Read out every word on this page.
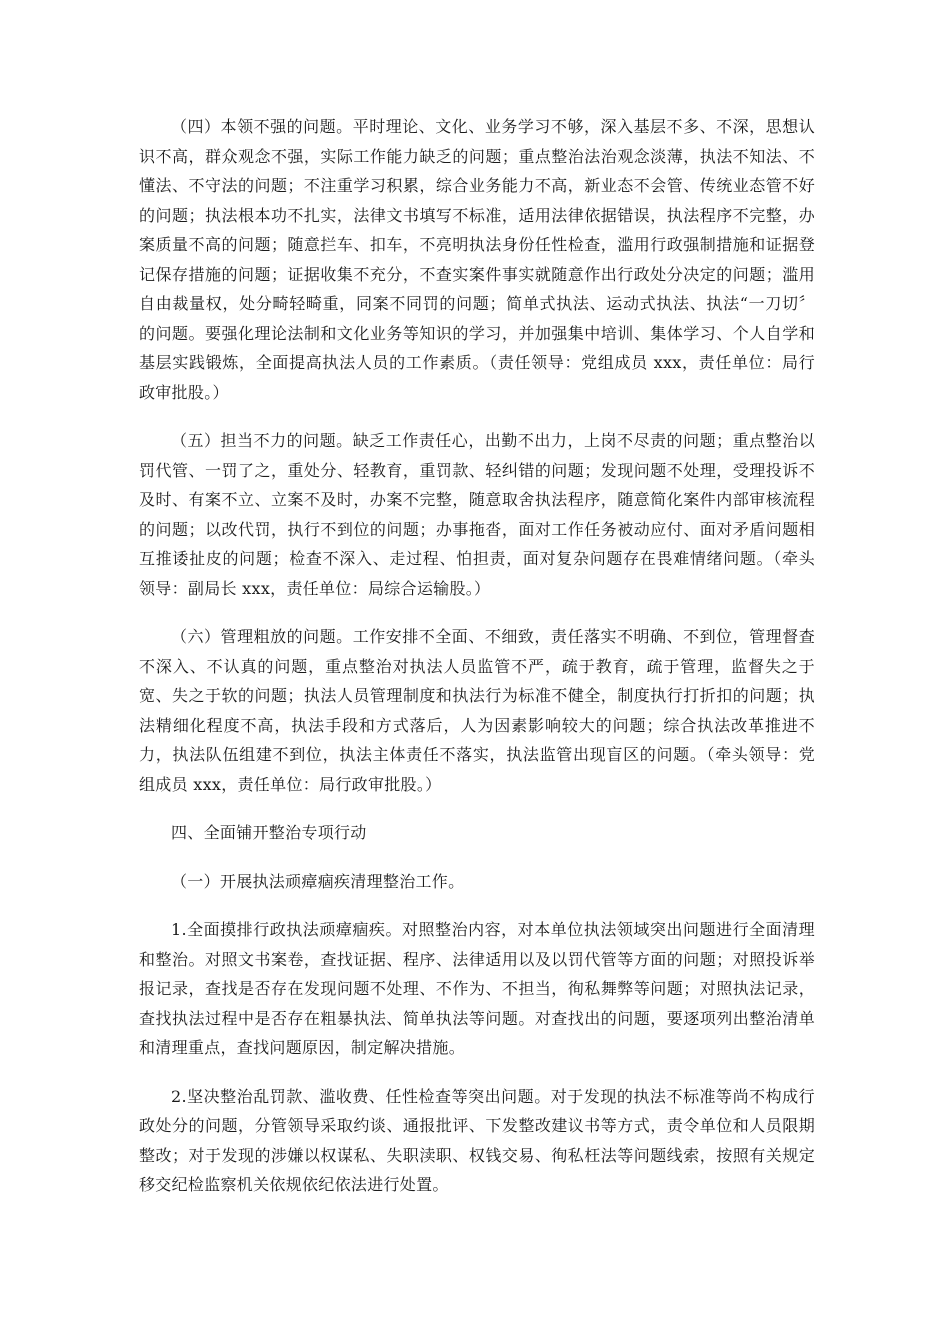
（四）本领不强的问题。平时理论、文化、业务学习不够，深入基层不多、不深，思想认识不高，群众观念不强，实际工作能力缺乏的问题；重点整治法治观念淡薄，执法不知法、不懂法、不守法的问题；不注重学习积累，综合业务能力不高，新业态不会管、传统业态管不好的问题；执法根本功不扎实，法律文书填写不标准，适用法律依据错误，执法程序不完整，办案质量不高的问题；随意拦车、扣车，不亮明执法身份任性检查，滥用行政强制措施和证据登记保存措施的问题；证据收集不充分，不查实案件事实就随意作出行政处分决定的问题；滥用自由裁量权，处分畸轻畸重，同案不同罚的问题；简单式执法、运动式执法、执法“一刀切〞的问题。要强化理论法制和文化业务等知识的学习，并加强集中培训、集体学习、个人自学和基层实践锻炼，全面提高执法人员的工作素质。（责任领导：党组成员 xxx，责任单位：局行政审批股。）

（五）担当不力的问题。缺乏工作责任心，出勤不出力，上岗不尽责的问题；重点整治以罚代管、一罚了之，重处分、轻教育，重罚款、轻纠错的问题；发现问题不处理，受理投诉不及时、有案不立、立案不及时，办案不完整，随意取舍执法程序，随意简化案件内部审核流程的问题；以改代罚，执行不到位的问题；办事拖沓，面对工作任务被动应付、面对矛盾问题相互推诿扯皮的问题；检查不深入、走过程、怕担责，面对复杂问题存在畏难情绪问题。（牵头领导：副局长 xxx，责任单位：局综合运输股。）

（六）管理粗放的问题。工作安排不全面、不细致，责任落实不明确、不到位，管理督查不深入、不认真的问题，重点整治对执法人员监管不严，疏于教育，疏于管理，监督失之于宽、失之于软的问题；执法人员管理制度和执法行为标准不健全，制度执行打折扣的问题；执法精细化程度不高，执法手段和方式落后，人为因素影响较大的问题；综合执法改革推进不力，执法队伍组建不到位，执法主体责任不落实，执法监管出现盲区的问题。（牵头领导：党组成员 xxx，责任单位：局行政审批股。）

四、全面铺开整治专项行动

（一）开展执法顽瘴痼疾清理整治工作。

1.全面摸排行政执法顽瘴痼疾。对照整治内容，对本单位执法领域突出问题进行全面清理和整治。对照文书案卷，查找证据、程序、法律适用以及以罚代管等方面的问题；对照投诉举报记录，查找是否存在发现问题不处理、不作为、不担当，徇私舞弊等问题；对照执法记录，查找执法过程中是否存在粗暴执法、简单执法等问题。对查找出的问题，要逐项列出整治清单和清理重点，查找问题原因，制定解决措施。

2.坚决整治乱罚款、滥收费、任性检查等突出问题。对于发现的执法不标准等尚不构成行政处分的问题，分管领导采取约谈、通报批评、下发整改建议书等方式，责令单位和人员限期整改；对于发现的涉嫌以权谋私、失职渎职、权钱交易、徇私枉法等问题线索，按照有关规定移交纪检监察机关依规依纪依法进行处置。
